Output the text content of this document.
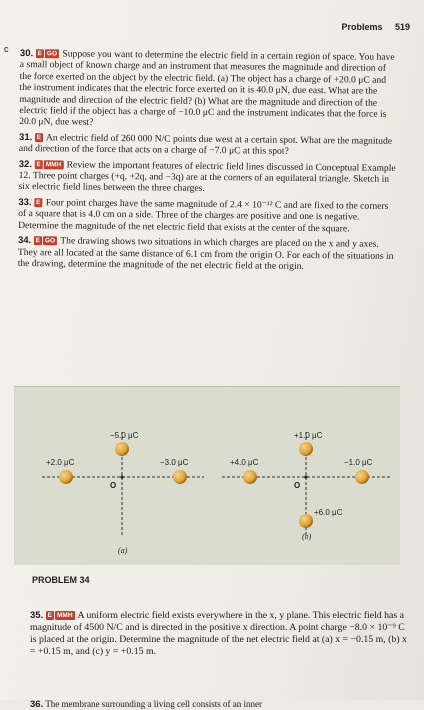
Problems 519
c 30. E GO Suppose you want to determine the electric field in a certain region of space. You have a small object of known charge and an instrument that measures the magnitude and direction of the force exerted on the object by the electric field. (a) The object has a charge of +20.0 μC and the instrument indicates that the electric force exerted on it is 40.0 μN, due east. What are the magnitude and direction of the electric field? (b) What are the magnitude and direction of the electric field if the object has a charge of −10.0 μC and the instrument indicates that the force is 20.0 μN, due west?

31. E An electric field of 260 000 N/C points due west at a certain spot. What are the magnitude and direction of the force that acts on a charge of −7.0 μC at this spot?

32. E MMH Review the important features of electric field lines discussed in Conceptual Example 12. Three point charges (+q, +2q, and −3q) are at the corners of an equilateral triangle. Sketch in six electric field lines between the three charges.

33. E Four point charges have the same magnitude of 2.4 × 10⁻¹² C and are fixed to the corners of a square that is 4.0 cm on a side. Three of the charges are positive and one is negative. Determine the magnitude of the net electric field that exists at the center of the square.

34. E GO The drawing shows two situations in which charges are placed on the x and y axes. They are all located at the same distance of 6.1 cm from the origin O. For each of the situations in the drawing, determine the magnitude of the net electric field at the origin.

O
−5.0 μC
+2.0 μC	−3.0 μC
(a)
O
+1.0 μC
+4.0 μC	−1.0 μC
+6.0 μC
(b)
PROBLEM 34

35. E MMH A uniform electric field exists everywhere in the x, y plane. This electric field has a magnitude of 4500 N/C and is directed in the positive x direction. A point charge −8.0 × 10⁻⁹ C is placed at the origin. Determine the magnitude of the net electric field at (a) x = −0.15 m, (b) x = +0.15 m, and (c) y = +0.15 m.

36. The membrane surrounding a living cell consists of an inner
